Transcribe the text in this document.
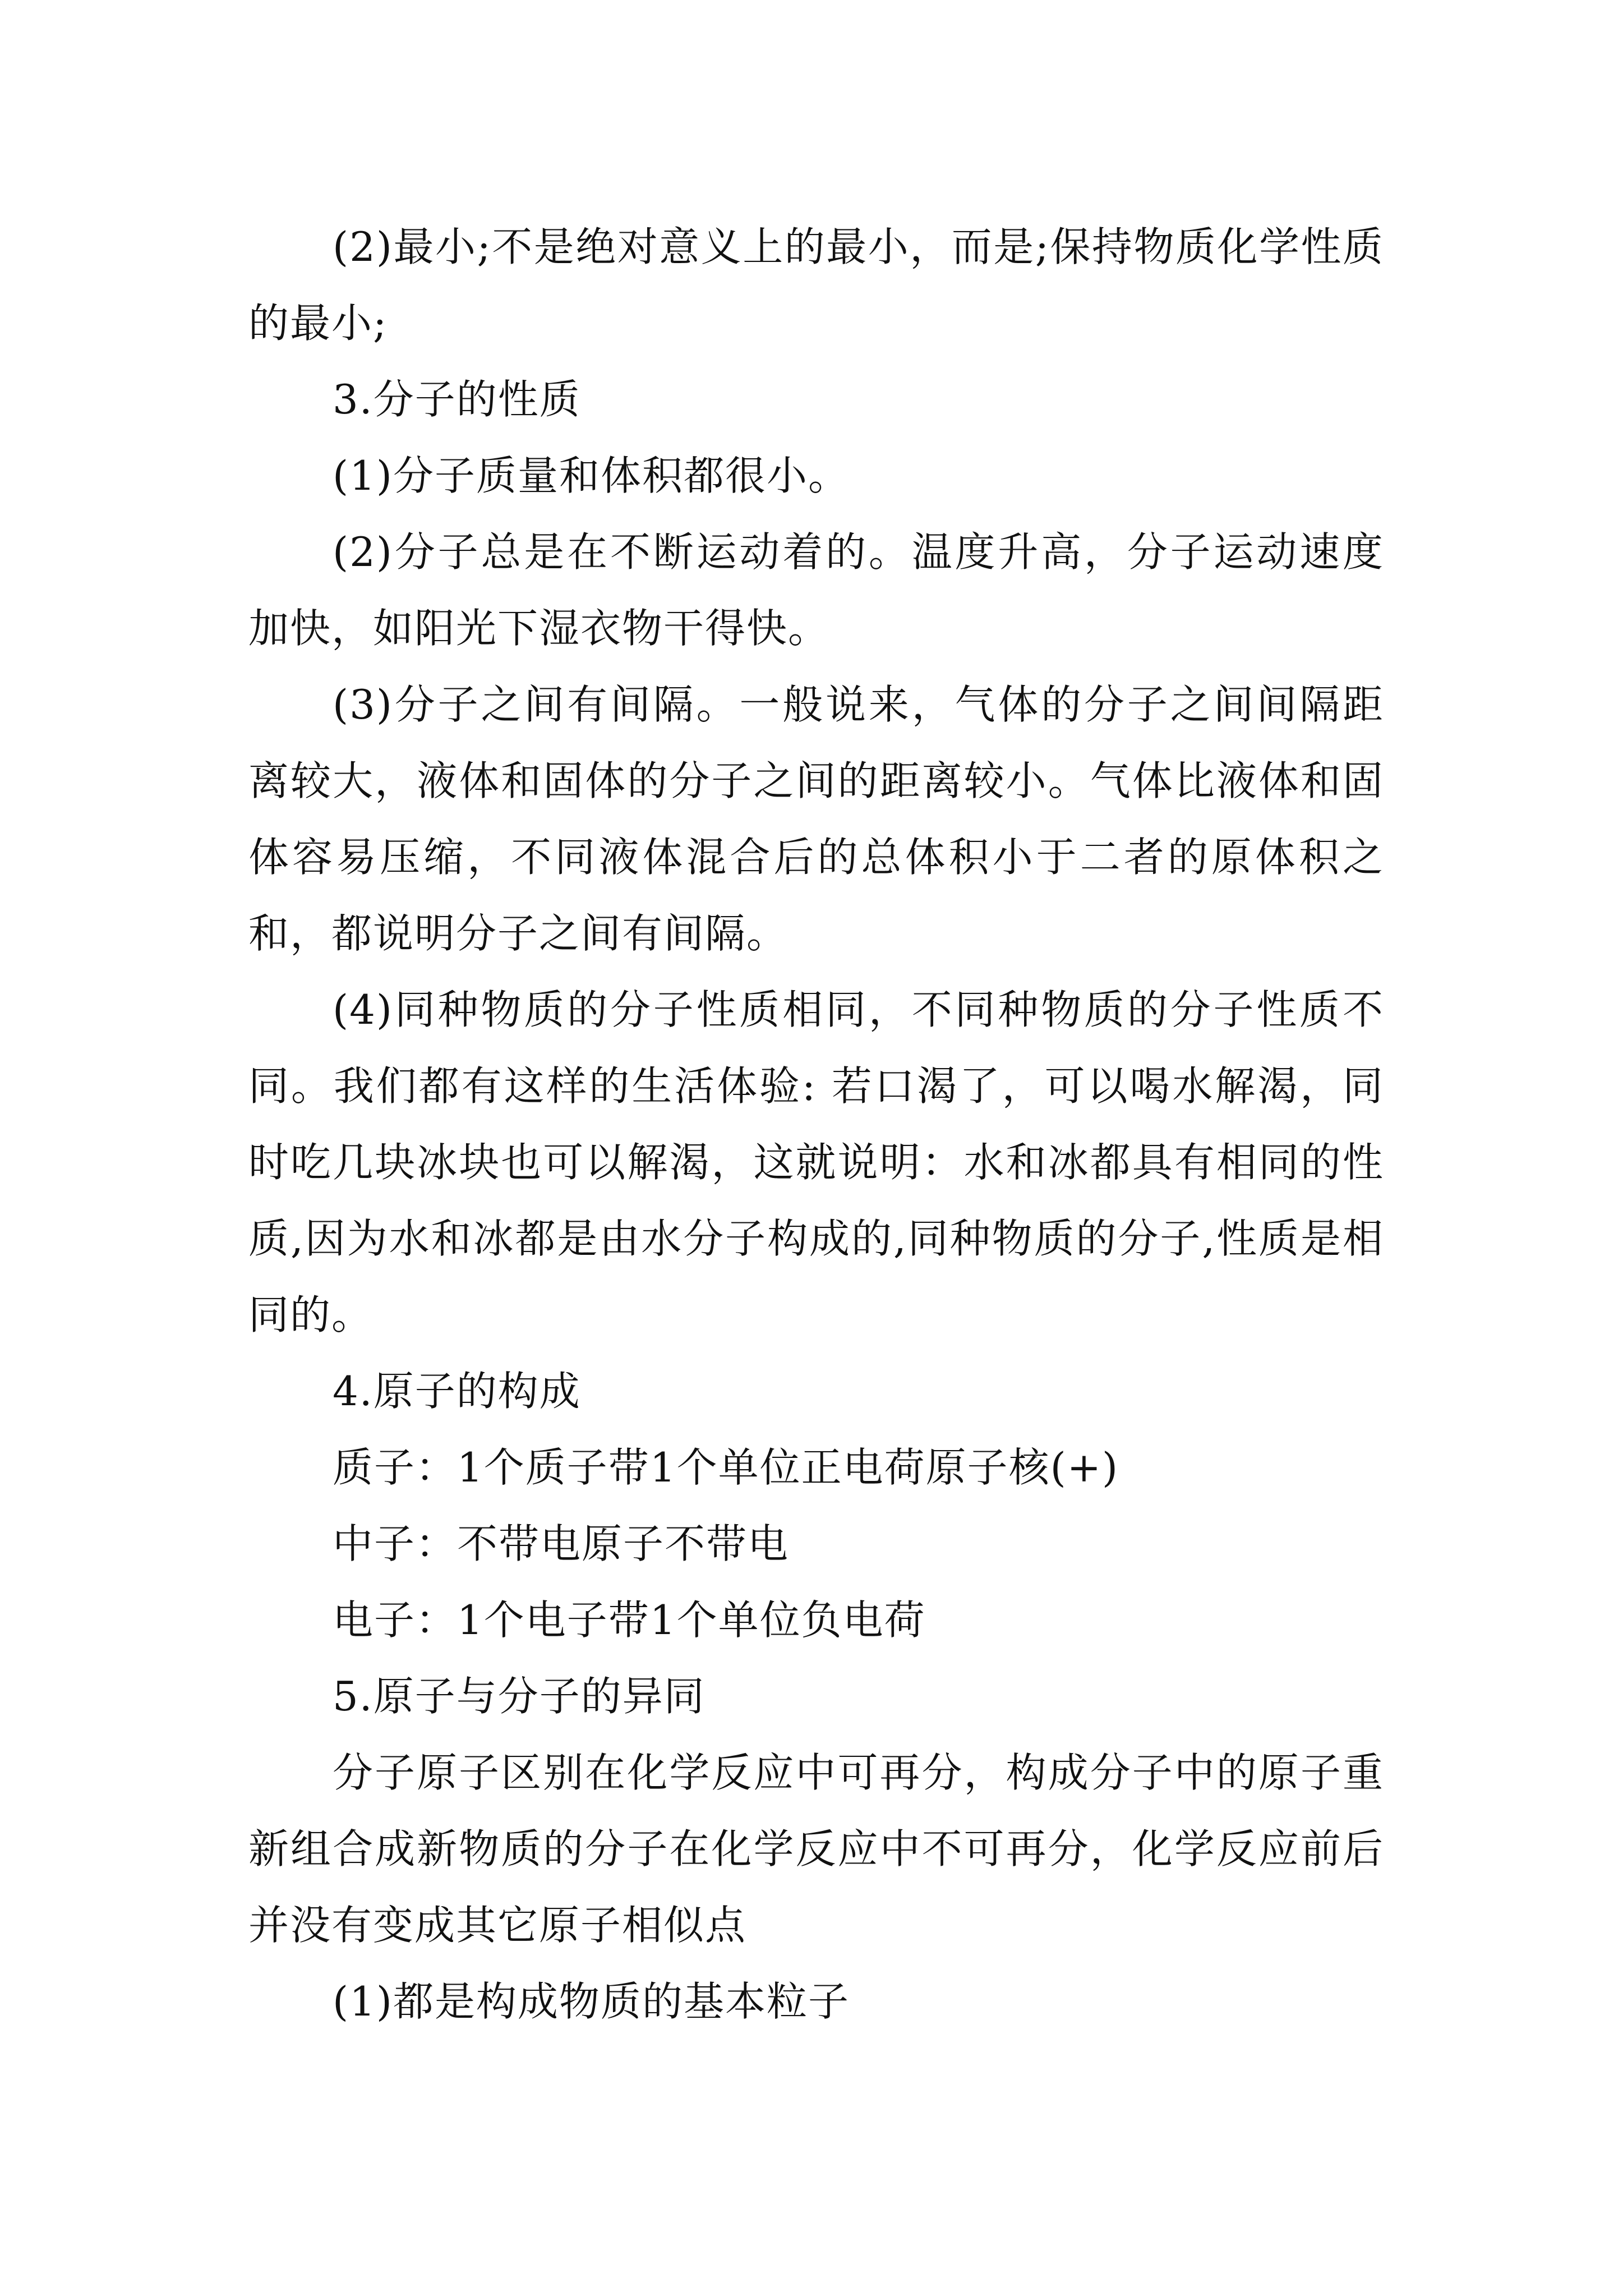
(2)最小;不是绝对意义上的最小，而是;保持物质化学性质的最小;

3.分子的性质

(1)分子质量和体积都很小。

(2)分子总是在不断运动着的。温度升高，分子运动速度加快，如阳光下湿衣物干得快。

(3)分子之间有间隔。一般说来，气体的分子之间间隔距离较大，液体和固体的分子之间的距离较小。气体比液体和固体容易压缩，不同液体混合后的总体积小于二者的原体积之和，都说明分子之间有间隔。

(4)同种物质的分子性质相同，不同种物质的分子性质不同。我们都有这样的生活体验: 若口渴了，可以喝水解渴，同时吃几块冰块也可以解渴，这就说明：水和冰都具有相同的性质,因为水和冰都是由水分子构成的,同种物质的分子,性质是相同的。

4.原子的构成

质子：1个质子带1个单位正电荷原子核(+)

中子：不带电原子不带电

电子：1个电子带1个单位负电荷

5.原子与分子的异同

分子原子区别在化学反应中可再分，构成分子中的原子重新组合成新物质的分子在化学反应中不可再分，化学反应前后并没有变成其它原子相似点

(1)都是构成物质的基本粒子
